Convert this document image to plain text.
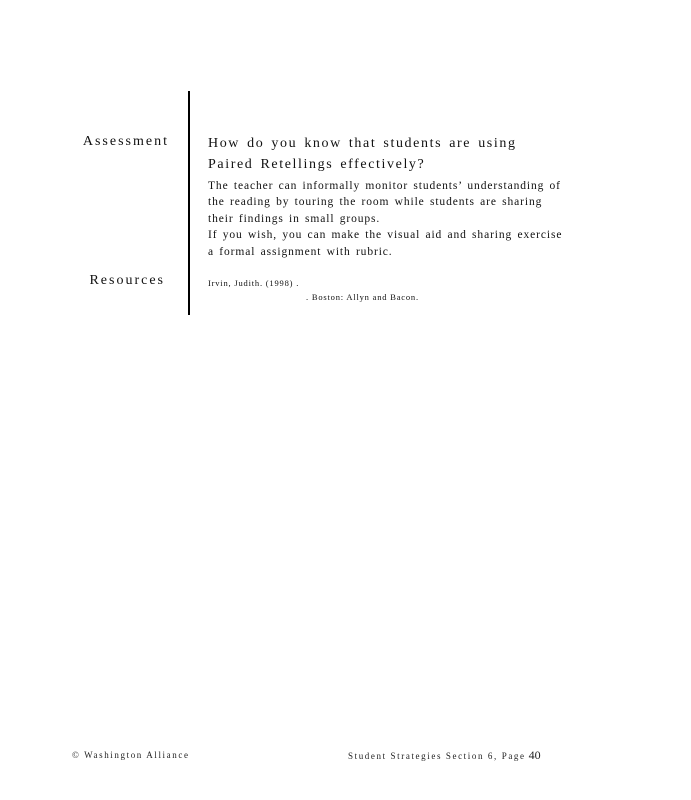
Assessment	How do you know that students are using Paired Retellings effectively?

The teacher can informally monitor students’ understanding of the reading by touring the room while students are sharing their findings in small groups.

If you wish, you can make the visual aid and sharing exercise a formal assignment with rubric.

Resources	Irvin, Judith. (1998) .
. Boston: Allyn and Bacon.
© Washington Alliance	Student Strategies Section 6, Page 40
